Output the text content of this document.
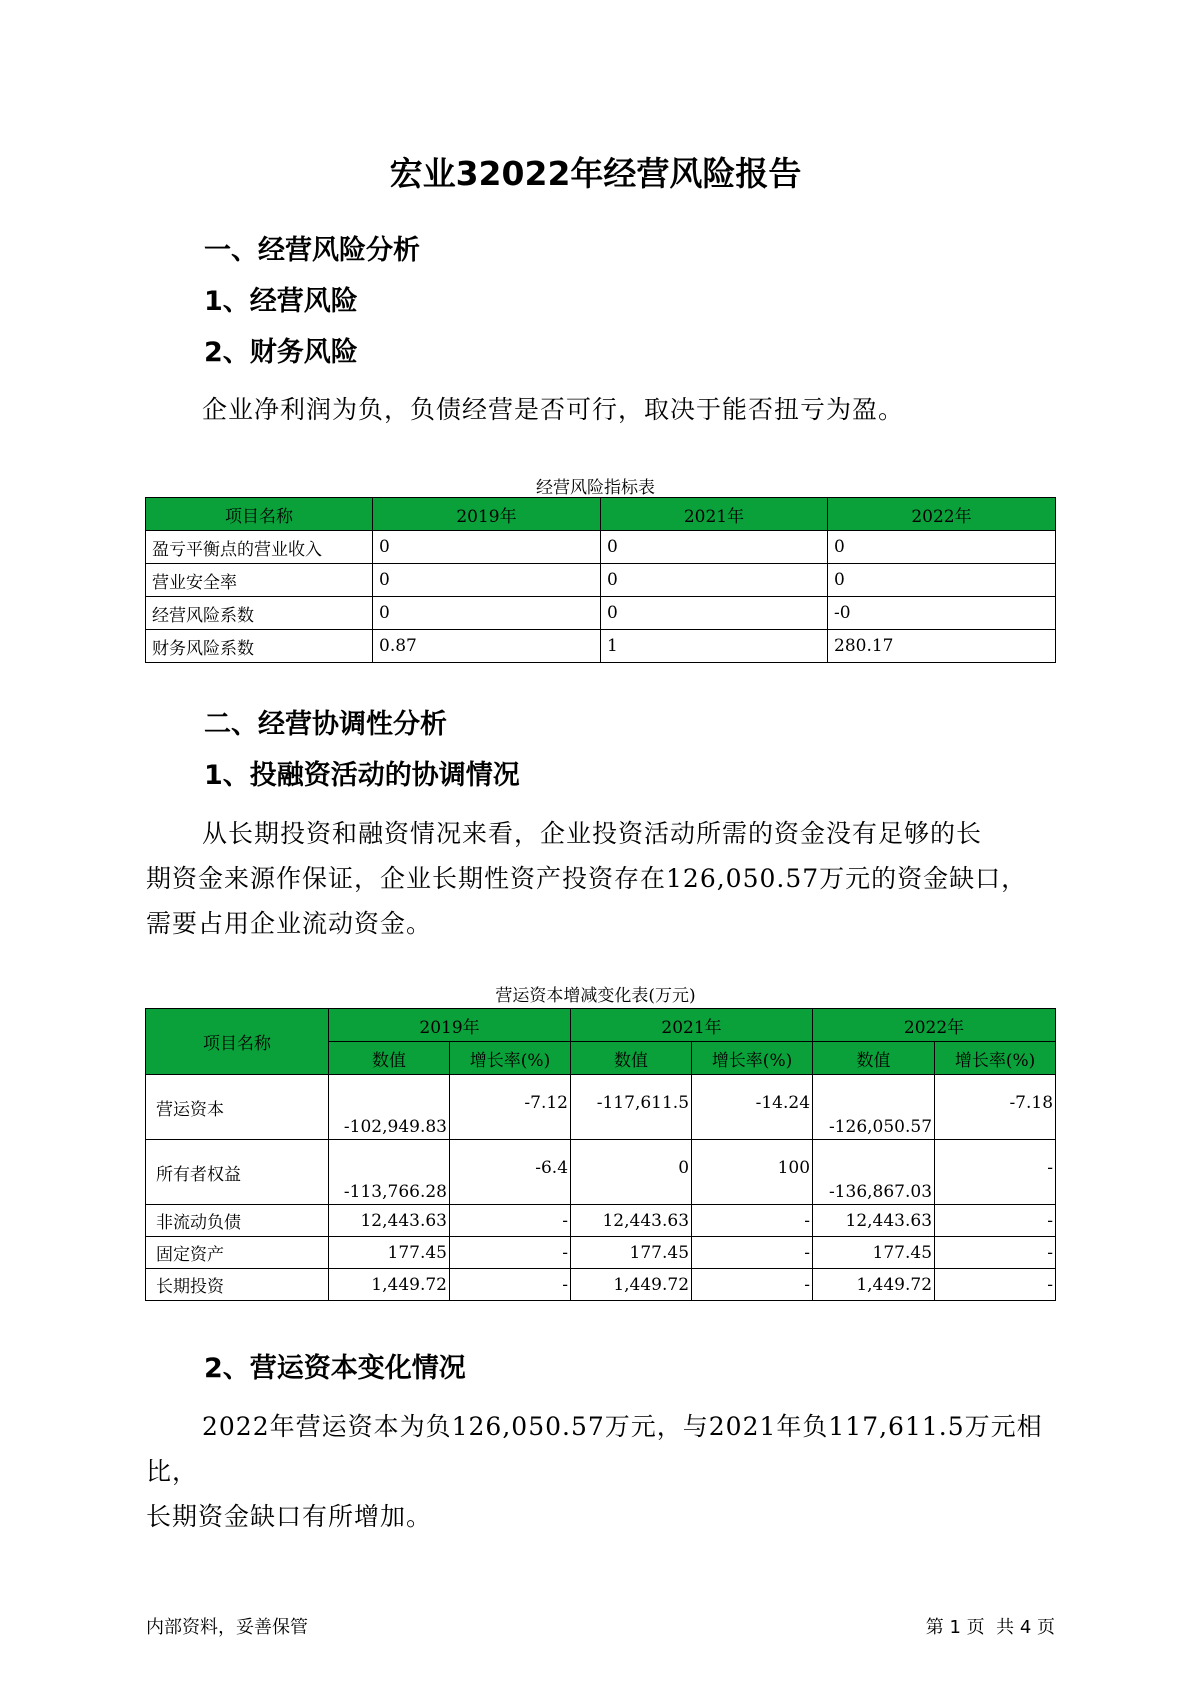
宏业32022年经营风险报告
一、经营风险分析
1、经营风险
2、财务风险
企业净利润为负，负债经营是否可行，取决于能否扭亏为盈。
经营风险指标表
项目名称	2019年	2021年	2022年
盈亏平衡点的营业收入	0	0	0
营业安全率	0	0	0
经营风险系数	0	0	-0
财务风险系数	0.87	1	280.17
二、经营协调性分析
1、投融资活动的协调情况
从长期投资和融资情况来看，企业投资活动所需的资金没有足够的长
期资金来源作保证，企业长期性资产投资存在126,050.57万元的资金缺口，
需要占用企业流动资金。
营运资本增减变化表(万元)
项目名称	2019年		2021年		2022年	
	数值	增长率(%)	数值	增长率(%)	数值	增长率(%)
营运资本	-102,949.83	-7.12	-117,611.5	-14.24	-126,050.57	-7.18
所有者权益	-113,766.28	-6.4	0	100	-136,867.03	-
非流动负债	12,443.63	-	12,443.63	-	12,443.63	-
固定资产	177.45	-	177.45	-	177.45	-
长期投资	1,449.72	-	1,449.72	-	1,449.72	-
2、营运资本变化情况
2022年营运资本为负126,050.57万元，与2021年负117,611.5万元相比，
长期资金缺口有所增加。
内部资料，妥善保管	第 1 页  共 4 页
